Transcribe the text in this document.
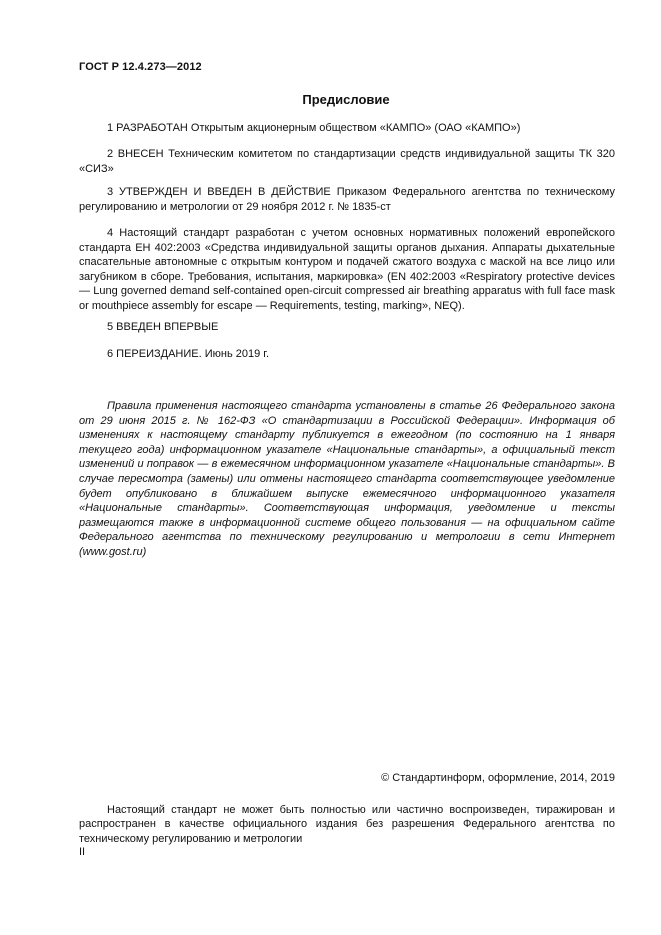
ГОСТ Р 12.4.273—2012
Предисловие
1 РАЗРАБОТАН Открытым акционерным обществом «КАМПО» (ОАО «КАМПО»)
2 ВНЕСЕН Техническим комитетом по стандартизации средств индивидуальной защиты ТК 320 «СИЗ»
3 УТВЕРЖДЕН И ВВЕДЕН В ДЕЙСТВИЕ Приказом Федерального агентства по техническому регулированию и метрологии от 29 ноября 2012 г. № 1835-ст
4 Настоящий стандарт разработан с учетом основных нормативных положений европейского стандарта ЕН 402:2003 «Средства индивидуальной защиты органов дыхания. Аппараты дыхательные спасательные автономные с открытым контуром и подачей сжатого воздуха с маской на все лицо или загубником в сборе. Требования, испытания, маркировка» (EN 402:2003 «Respiratory protective devices — Lung governed demand self-contained open-circuit compressed air breathing apparatus with full face mask or mouthpiece assembly for escape — Requirements, testing, marking», NEQ).
5 ВВЕДЕН ВПЕРВЫЕ
6 ПЕРЕИЗДАНИЕ. Июнь 2019 г.
Правила применения настоящего стандарта установлены в статье 26 Федерального закона от 29 июня 2015 г. № 162-ФЗ «О стандартизации в Российской Федерации». Информация об изменениях к настоящему стандарту публикуется в ежегодном (по состоянию на 1 января текущего года) информационном указателе «Национальные стандарты», а официальный текст изменений и поправок — в ежемесячном информационном указателе «Национальные стандарты». В случае пересмотра (замены) или отмены настоящего стандарта соответствующее уведомление будет опубликовано в ближайшем выпуске ежемесячного информационного указателя «Национальные стандарты». Соответствующая информация, уведомление и тексты размещаются также в информационной системе общего пользования — на официальном сайте Федерального агентства по техническому регулированию и метрологии в сети Интернет (www.gost.ru)
© Стандартинформ, оформление, 2014, 2019
Настоящий стандарт не может быть полностью или частично воспроизведен, тиражирован и распространен в качестве официального издания без разрешения Федерального агентства по техническому регулированию и метрологии
II
